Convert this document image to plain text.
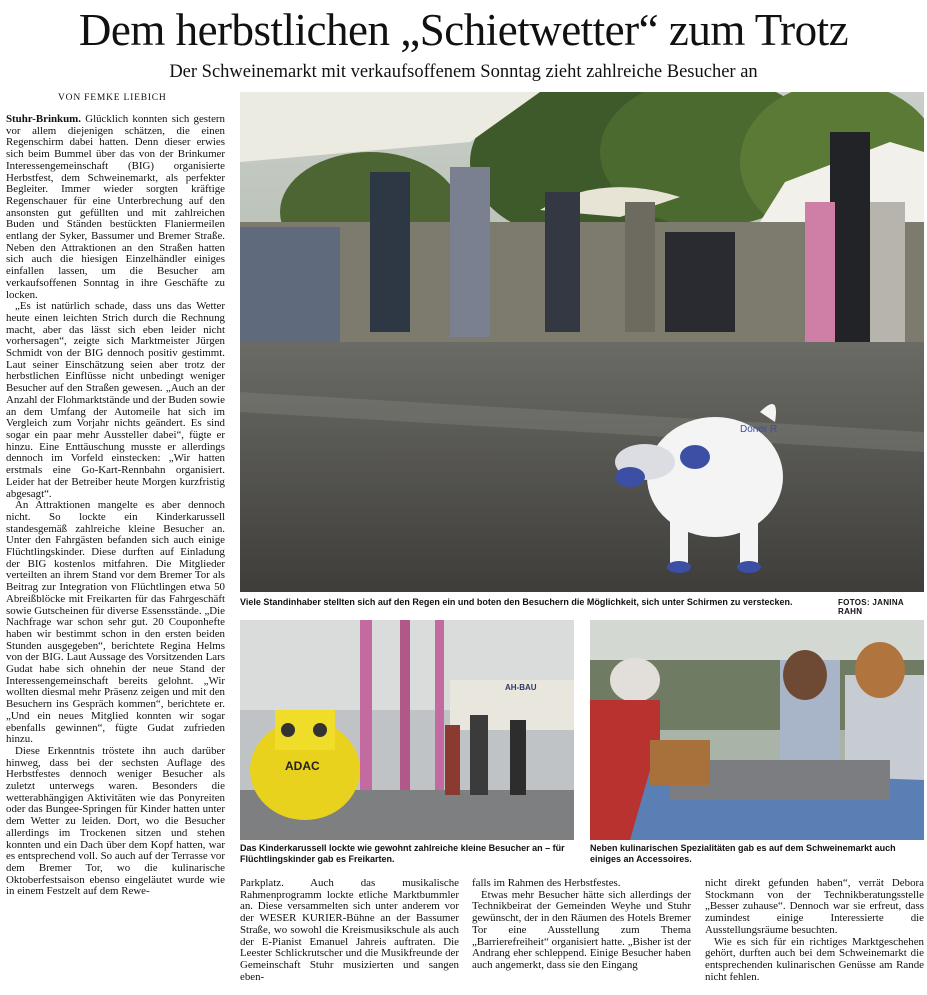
Dem herbstlichen „Schietwetter“ zum Trotz
Der Schweinemarkt mit verkaufsoffenem Sonntag zieht zahlreiche Besucher an
VON FEMKE LIEBICH

Stuhr-Brinkum. Glücklich konnten sich gestern vor allem diejenigen schätzen, die einen Regenschirm dabei hatten. Denn dieser erwies sich beim Bummel über das von der Brinkumer Interessengemeinschaft (BIG) organisierte Herbstfest, dem Schweinemarkt, als perfekter Begleiter. Immer wieder sorgten kräftige Regenschauer für eine Unterbrechung auf den ansonsten gut gefüllten und mit zahlreichen Buden und Ständen bestückten Flaniermeilen entlang der Syker, Bassumer und Bremer Straße. Neben den Attraktionen an den Straßen hatten sich auch die hiesigen Einzelhändler einiges einfallen lassen, um die Besucher am verkaufsoffenen Sonntag in ihre Geschäfte zu locken.

„Es ist natürlich schade, dass uns das Wetter heute einen leichten Strich durch die Rechnung macht, aber das lässt sich eben leider nicht vorhersagen“, zeigte sich Marktmeister Jürgen Schmidt von der BIG dennoch positiv gestimmt. Laut seiner Einschätzung seien aber trotz der herbstlichen Einflüsse nicht unbedingt weniger Besucher auf den Straßen gewesen. „Auch an der Anzahl der Flohmarktstände und der Buden sowie an dem Umfang der Automeile hat sich im Vergleich zum Vorjahr nichts geändert. Es sind sogar ein paar mehr Aussteller dabei“, fügte er hinzu. Eine Enttäuschung musste er allerdings dennoch im Vorfeld einstecken: „Wir hatten erstmals eine Go-Kart-Rennbahn organisiert. Leider hat der Betreiber heute Morgen kurzfristig abgesagt“.

An Attraktionen mangelte es aber dennoch nicht. So lockte ein Kinderkarussell standesgemäß zahlreiche kleine Besucher an. Unter den Fahrgästen befanden sich auch einige Flüchtlingskinder. Diese durften auf Einladung der BIG kostenlos mitfahren. Die Mitglieder verteilten an ihrem Stand vor dem Bremer Tor als Beitrag zur Integration von Flüchtlingen etwa 50 Abreißblöcke mit Freikarten für das Fahrgeschäft sowie Gutscheinen für diverse Essensstände. „Die Nachfrage war schon sehr gut. 20 Couponhefte haben wir bestimmt schon in den ersten beiden Stunden ausgegeben“, berichtete Regina Helms von der BIG. Laut Aussage des Vorsitzenden Lars Gudat habe sich ohnehin der neue Stand der Interessengemeinschaft bereits gelohnt. „Wir wollten diesmal mehr Präsenz zeigen und mit den Besuchern ins Gespräch kommen“, berichtete er. „Und ein neues Mitglied konnten wir sogar ebenfalls gewinnen“, fügte Gudat zufrieden hinzu.

Diese Erkenntnis tröstete ihn auch darüber hinweg, dass bei der sechsten Auflage des Herbstfestes dennoch weniger Besucher als zuletzt unterwegs waren. Besonders die wetterabhängigen Aktivitäten wie das Ponyreiten oder das Bungee-Springen für Kinder hatten unter dem Wetter zu leiden. Dort, wo die Besucher allerdings im Trockenen sitzen und stehen konnten und ein Dach über dem Kopf hatten, war es entsprechend voll. So auch auf der Terrasse vor dem Bremer Tor, wo die kulinarische Oktoberfestsaison ebenso eingeläutet wurde wie in einem Festzelt auf dem Rewe-

Doner R
Viele Standinhaber stellten sich auf den Regen ein und boten den Besuchern die Möglichkeit, sich unter Schirmen zu verstecken.	FOTOS: JANINA RAHN
AH-BAU
ADAC
Das Kinderkarussell lockte wie gewohnt zahlreiche kleine Besucher an – für Flüchtlingskinder gab es Freikarten.
Neben kulinarischen Spezialitäten gab es auf dem Schweinemarkt auch einiges an Accessoires.

Parkplatz. Auch das musikalische Rahmenprogramm lockte etliche Marktbummler an. Diese versammelten sich unter anderem vor der WESER KURIER-Bühne an der Bassumer Straße, wo sowohl die Kreismusikschule als auch der E-Pianist Emanuel Jahreis auftraten. Die Leester Schlickrutscher und die Musikfreunde der Gemeinschaft Stuhr musizierten und sangen eben-

falls im Rahmen des Herbstfestes.

Etwas mehr Besucher hätte sich allerdings der Technikbeirat der Gemeinden Weyhe und Stuhr gewünscht, der in den Räumen des Hotels Bremer Tor eine Ausstellung zum Thema „Barrierefreiheit“ organisiert hatte. „Bisher ist der Andrang eher schleppend. Einige Besucher haben auch angemerkt, dass sie den Eingang

nicht direkt gefunden haben“, verrät Debora Stockmann von der Technikberatungsstelle „Besser zuhause“. Dennoch war sie erfreut, dass zumindest einige Interessierte die Ausstellungsräume besuchten.

Wie es sich für ein richtiges Marktgeschehen gehört, durften auch bei dem Schweinemarkt die entsprechenden kulinarischen Genüsse am Rande nicht fehlen.
